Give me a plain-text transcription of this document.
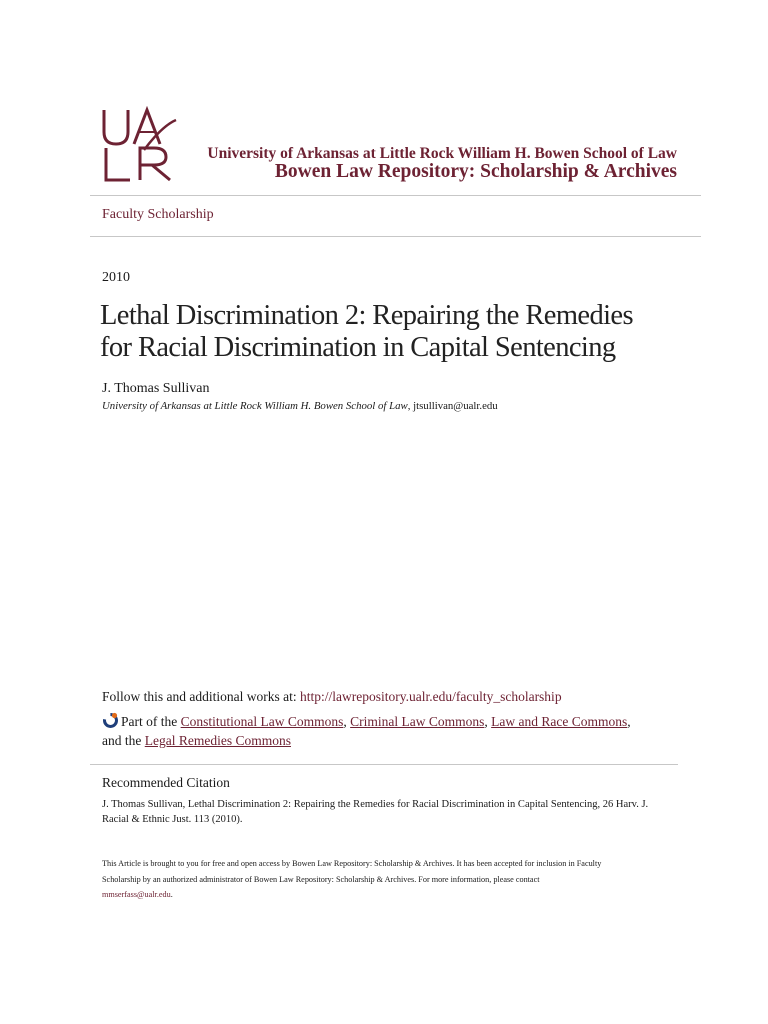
University of Arkansas at Little Rock William H. Bowen School of Law
Bowen Law Repository: Scholarship & Archives
Faculty Scholarship
2010
Lethal Discrimination 2: Repairing the Remedies
for Racial Discrimination in Capital Sentencing
J. Thomas Sullivan
University of Arkansas at Little Rock William H. Bowen School of Law, jtsullivan@ualr.edu
Follow this and additional works at: http://lawrepository.ualr.edu/faculty_scholarship
Part of the Constitutional Law Commons, Criminal Law Commons, Law and Race Commons,
and the Legal Remedies Commons
Recommended Citation
J. Thomas Sullivan, Lethal Discrimination 2: Repairing the Remedies for Racial Discrimination in Capital Sentencing, 26 Harv. J.
Racial & Ethnic Just. 113 (2010).
This Article is brought to you for free and open access by Bowen Law Repository: Scholarship & Archives. It has been accepted for inclusion in Faculty
Scholarship by an authorized administrator of Bowen Law Repository: Scholarship & Archives. For more information, please contact
mmserfass@ualr.edu.
